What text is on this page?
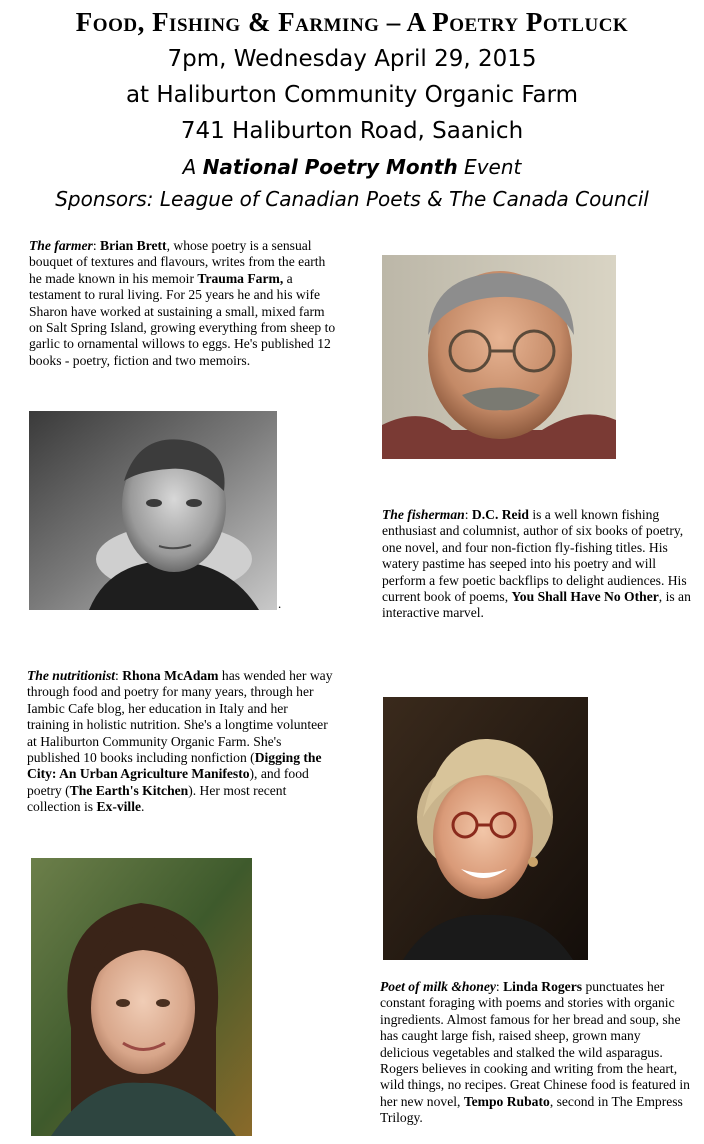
Food, Fishing & Farming – A Poetry Potluck
7pm, Wednesday April 29, 2015
at Haliburton Community Organic Farm
741 Haliburton Road, Saanich
A National Poetry Month Event
Sponsors: League of Canadian Poets & The Canada Council

The farmer: Brian Brett, whose poetry is a sensual bouquet of textures and flavours, writes from the earth he made known in his memoir Trauma Farm, a testament to rural living. For 25 years he and his wife Sharon have worked at sustaining a small, mixed farm on Salt Spring Island, growing everything from sheep to garlic to ornamental willows to eggs. He's published 12 books - poetry, fiction and two memoirs.

.

The fisherman: D.C. Reid is a well known fishing enthusiast and columnist, author of six books of poetry, one novel, and four non-fiction fly-fishing titles. His watery pastime has seeped into his poetry and will perform a few poetic backflips to delight audiences. His current book of poems, You Shall Have No Other, is an interactive marvel.

The nutritionist: Rhona McAdam has wended her way through food and poetry for many years, through her Iambic Cafe blog, her education in Italy and her training in holistic nutrition. She's a longtime volunteer at Haliburton Community Organic Farm. She's published 10 books including nonfiction (Digging the City: An Urban Agriculture Manifesto), and food poetry (The Earth's Kitchen). Her most recent collection is Ex-ville.

Poet of milk &honey: Linda Rogers punctuates her constant foraging with poems and stories with organic ingredients. Almost famous for her bread and soup, she has caught large fish, raised sheep, grown many delicious vegetables and stalked the wild asparagus. Rogers believes in cooking and writing from the heart, wild things, no recipes. Great Chinese food is featured in her new novel, Tempo Rubato, second in The Empress Trilogy.
